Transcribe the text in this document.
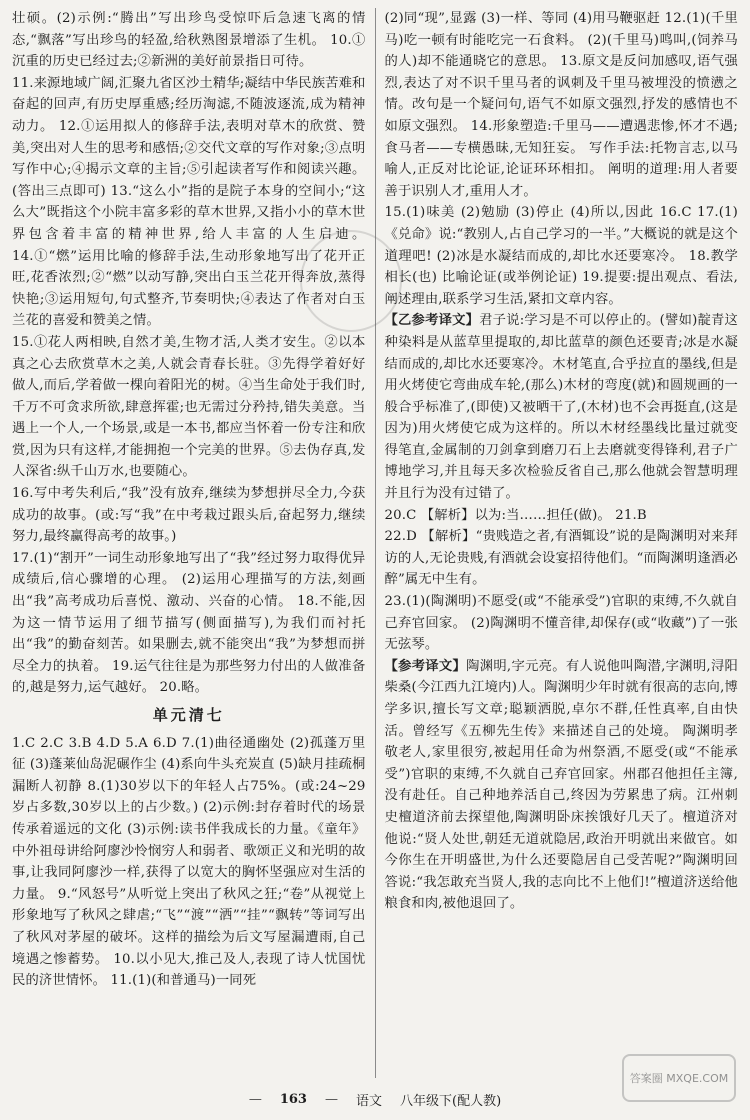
壮硕。(2)示例:“腾出”写出珍鸟受惊吓后急速飞离的情态,“飘落”写出珍鸟的轻盈,给秋熟图景增添了生机。 10.①沉重的历史已经过去;②新洲的美好前景指日可待。

11.来源地域广阔,汇聚九省区沙土精华;凝结中华民族苦难和奋起的回声,有历史厚重感;经历淘滤,不随波逐流,成为精神动力。 12.①运用拟人的修辞手法,表明对草木的欣赏、赞美,突出对人生的思考和感悟;②交代文章的写作对象;③点明写作中心;④揭示文章的主旨;⑤引起读者写作和阅读兴趣。(答出三点即可) 13.“这么小”指的是院子本身的空间小;“这么大”既指这个小院丰富多彩的草木世界,又指小小的草木世界包含着丰富的精神世界,给人丰富的人生启迪。 14.①“燃”运用比喻的修辞手法,生动形象地写出了花开正旺,花香浓烈;②“燃”以动写静,突出白玉兰花开得奔放,蒸得快艳;③运用短句,句式整齐,节奏明快;④表达了作者对白玉兰花的喜爱和赞美之情。

15.①花人两相映,自然才美,生物才活,人类才安生。②以本真之心去欣赏草木之美,人就会青春长驻。③先得学着好好做人,而后,学着做一棵向着阳光的树。④当生命处于我们时,千万不可贪求所欲,肆意挥霍;也无需过分矜持,错失美意。当遇上一个人,一个场景,或是一本书,都应当怀着一份专注和欣赏,因为只有这样,才能拥抱一个完美的世界。⑤去伪存真,发人深省:纵千山万水,也要随心。

16.写中考失利后,“我”没有放弃,继续为梦想拼尽全力,今获成功的故事。(或:写“我”在中考栽过跟头后,奋起努力,继续努力,最终赢得高考的故事。)

17.(1)“割开”一词生动形象地写出了“我”经过努力取得优异成绩后,信心骤增的心理。 (2)运用心理描写的方法,刻画出“我”高考成功后喜悦、激动、兴奋的心情。 18.不能,因为这一情节运用了细节描写(侧面描写),为我们而衬托出“我”的勤奋刻苦。如果删去,就不能突出“我”为梦想而拼尽全力的执着。 19.运气往往是为那些努力付出的人做准备的,越是努力,运气越好。 20.略。

单元清七

1.C 2.C 3.B 4.D 5.A 6.D 7.(1)曲径通幽处 (2)孤蓬万里征 (3)蓬莱仙岛泥碾作尘 (4)系向牛头充炭直 (5)缺月挂疏桐 漏断人初静 8.(1)30岁以下的年轻人占75%。(或:24~29岁占多数,30岁以上的占少数。) (2)示例:封存着时代的场景 传承着遥远的文化 (3)示例:读书伴我成长的力量。《童年》中外祖母讲给阿廖沙怜悯穷人和弱者、歌颂正义和光明的故事,让我同阿廖沙一样,获得了以宽大的胸怀坚强应对生活的力量。 9.“风怒号”从听觉上突出了秋风之狂;“卷”从视觉上形象地写了秋风之肆虐;“飞”“渡”“洒”“挂”“飘转”等词写出了秋风对茅屋的破坏。这样的描绘为后文写屋漏遭雨,自己境遇之惨蓄势。 10.以小见大,推己及人,表现了诗人忧国忧民的济世情怀。 11.(1)(和普通马)一同死

(2)同“现”,显露 (3)一样、等同 (4)用马鞭驱赶 12.(1)(千里马)吃一顿有时能吃完一石食料。 (2)(千里马)鸣叫,(饲养马的人)却不能通晓它的意思。 13.原文是反问加感叹,语气强烈,表达了对不识千里马者的讽刺及千里马被埋没的愤懑之情。改句是一个疑问句,语气不如原文强烈,抒发的感情也不如原文强烈。 14.形象塑造:千里马——遭遇悲惨,怀才不遇;食马者——专横愚昧,无知狂妄。 写作手法:托物言志,以马喻人,正反对比论证,论证环环相扣。 阐明的道理:用人者要善于识别人才,重用人才。

15.(1)味美 (2)勉励 (3)停止 (4)所以,因此 16.C 17.(1)《兑命》说:“教别人,占自己学习的一半。”大概说的就是这个道理吧! (2)冰是水凝结而成的,却比水还要寒冷。 18.教学相长(也) 比喻论证(或举例论证) 19.提要:提出观点、看法,阐述理由,联系学习生活,紧扣文章内容。

【乙参考译文】君子说:学习是不可以停止的。(譬如)靛青这种染料是从蓝草里提取的,却比蓝草的颜色还要青;冰是水凝结而成的,却比水还要寒冷。木材笔直,合乎拉直的墨线,但是用火烤使它弯曲成车轮,(那么)木材的弯度(就)和圆规画的一般合乎标准了,(即使)又被晒干了,(木材)也不会再挺直,(这是因为)用火烤使它成为这样的。所以木材经墨线比量过就变得笔直,金属制的刀剑拿到磨刀石上去磨就变得锋利,君子广博地学习,并且每天多次检验反省自己,那么他就会智慧明理并且行为没有过错了。

20.C 【解析】以为:当……担任(做)。 21.B

22.D 【解析】“贵贱造之者,有酒辄设”说的是陶渊明对来拜访的人,无论贵贱,有酒就会设宴招待他们。“而陶渊明逢酒必醉”属无中生有。

23.(1)(陶渊明)不愿受(或“不能承受”)官职的束缚,不久就自己弃官回家。 (2)陶渊明不懂音律,却保存(或“收藏”)了一张无弦琴。

【参考译文】陶渊明,字元亮。有人说他叫陶潜,字渊明,浔阳柴桑(今江西九江境内)人。陶渊明少年时就有很高的志向,博学多识,擅长写文章;聪颖洒脱,卓尔不群,任性真率,自由快活。曾经写《五柳先生传》来描述自己的处境。 陶渊明孝敬老人,家里很穷,被起用任命为州祭酒,不愿受(或“不能承受”)官职的束缚,不久就自己弃官回家。州郡召他担任主簿,没有赴任。自己种地养活自己,终因为劳累患了病。江州刺史檀道济前去探望他,陶渊明卧床挨饿好几天了。檀道济对他说:“贤人处世,朝廷无道就隐居,政治开明就出来做官。如今你生在开明盛世,为什么还要隐居自己受苦呢?”陶渊明回答说:“我怎敢充当贤人,我的志向比不上他们!”檀道济送给他粮食和肉,被他退回了。

— 163 — 语文 八年级下(配人教)
答案圈 MXQE.COM
